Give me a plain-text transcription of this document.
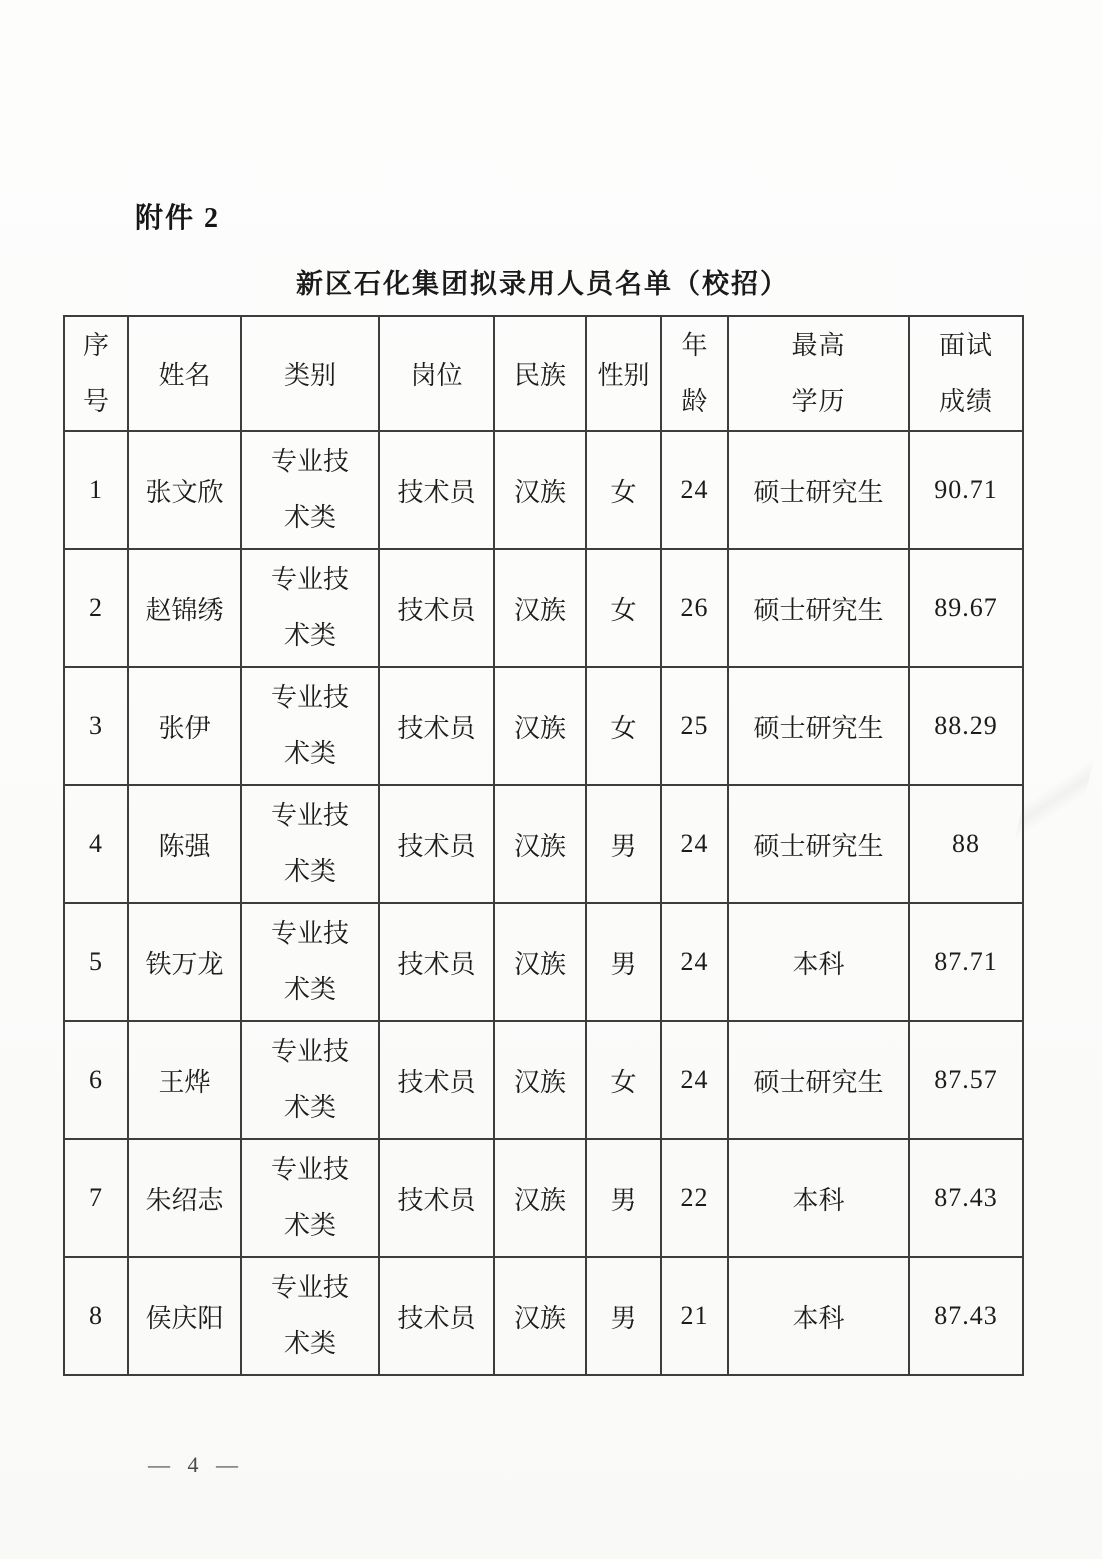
附件 2
新区石化集团拟录用人员名单（校招）
序号	姓名	类别	岗位	民族	性别	年龄	最高学历	面试成绩
1	张文欣	专业技术类	技术员	汉族	女	24	硕士研究生	90.71
2	赵锦绣	专业技术类	技术员	汉族	女	26	硕士研究生	89.67
3	张伊	专业技术类	技术员	汉族	女	25	硕士研究生	88.29
4	陈强	专业技术类	技术员	汉族	男	24	硕士研究生	88
5	铁万龙	专业技术类	技术员	汉族	男	24	本科	87.71
6	王烨	专业技术类	技术员	汉族	女	24	硕士研究生	87.57
7	朱绍志	专业技术类	技术员	汉族	男	22	本科	87.43
8	侯庆阳	专业技术类	技术员	汉族	男	21	本科	87.43
— 4 —
